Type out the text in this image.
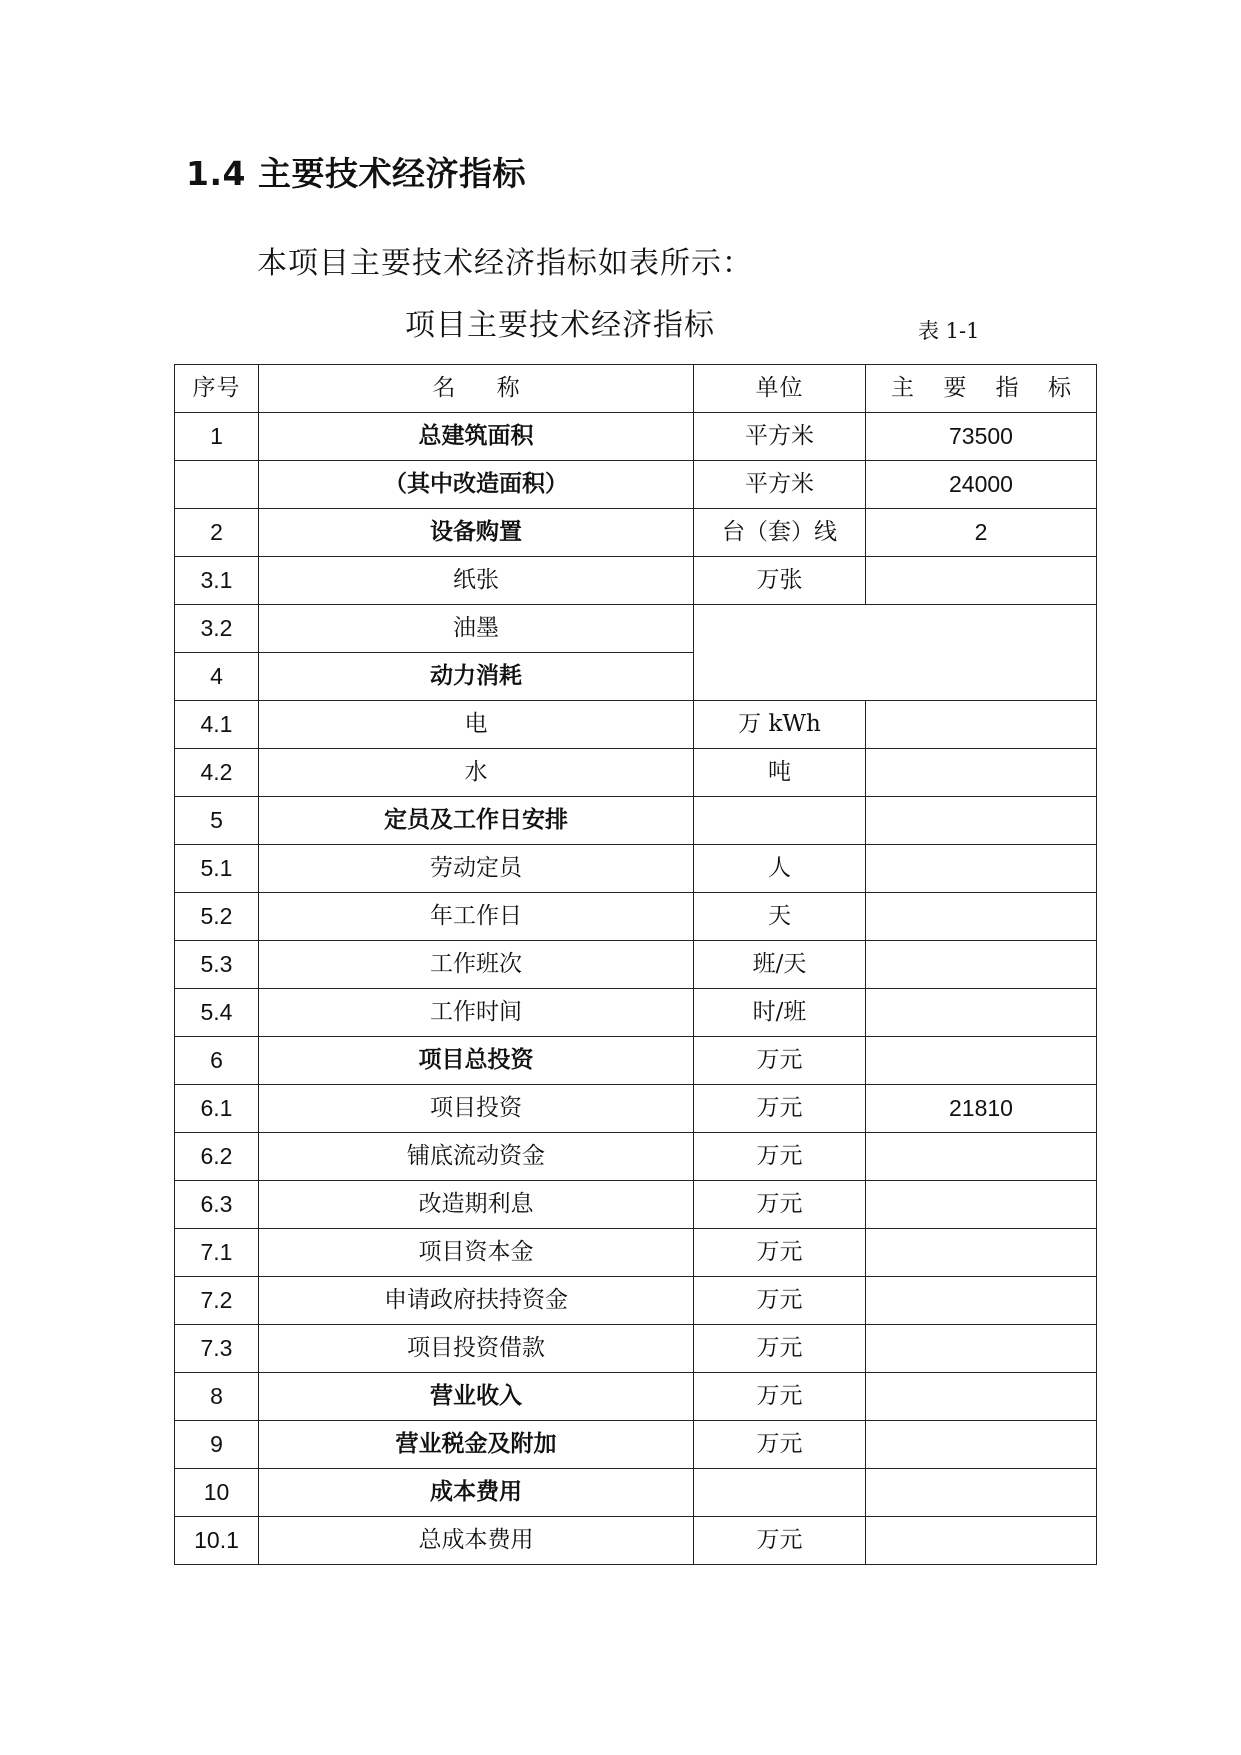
1.4 主要技术经济指标

本项目主要技术经济指标如表所示：

项目主要技术经济指标	表 1-1
序号	名 称	单位	主 要 指 标
1	总建筑面积	平方米	73500
	（其中改造面积）	平方米	24000
2	设备购置	台（套）线	2
3.1	纸张	万张	
3.2	油墨		
4	动力消耗		
4.1	电	万 kWh	
4.2	水	吨	
5	定员及工作日安排		
5.1	劳动定员	人	
5.2	年工作日	天	
5.3	工作班次	班/天	
5.4	工作时间	时/班	
6	项目总投资	万元	
6.1	项目投资	万元	21810
6.2	铺底流动资金	万元	
6.3	改造期利息	万元	
7.1	项目资本金	万元	
7.2	申请政府扶持资金	万元	
7.3	项目投资借款	万元	
8	营业收入	万元	
9	营业税金及附加	万元	
10	成本费用		
10.1	总成本费用	万元	
